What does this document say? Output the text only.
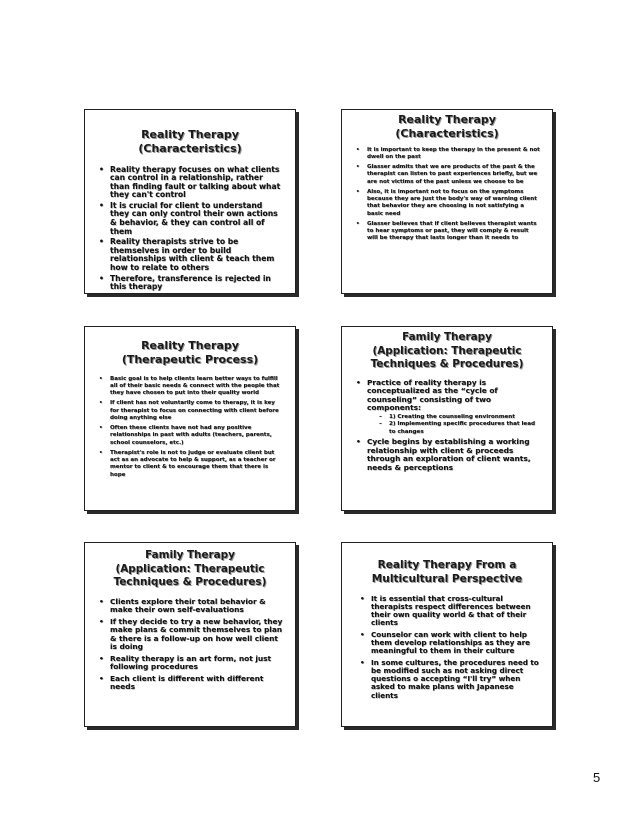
Reality Therapy
(Characteristics)
• Reality therapy focuses on what clients can control in a relationship, rather than finding fault or talking about what they can't control
• It is crucial for client to understand they can only control their own actions & behavior, & they can control all of them
• Reality therapists strive to be themselves in order to build relationships with client & teach them how to relate to others
• Therefore, transference is rejected in this therapy
Reality Therapy
(Characteristics)
• It is important to keep the therapy in the present & not dwell on the past
• Glasser admits that we are products of the past & the therapist can listen to past experiences briefly, but we are not victims of the past unless we choose to be
• Also, it is important not to focus on the symptoms because they are just the body's way of warning client that behavior they are choosing is not satisfying a basic need
• Glasser believes that if client believes therapist wants to hear symptoms or past, they will comply & result will be therapy that lasts longer than it needs to
Reality Therapy
(Therapeutic Process)
• Basic goal is to help clients learn better ways to fulfill all of their basic needs & connect with the people that they have chosen to put into their quality world
• If client has not voluntarily come to therapy, it is key for therapist to focus on connecting with client before doing anything else
• Often these clients have not had any positive relationships in past with adults (teachers, parents, school counselors, etc.)
• Therapist's role is not to judge or evaluate client but act as an advocate to help & support, as a teacher or mentor to client & to encourage them that there is hope
Family Therapy
(Application: Therapeutic
Techniques & Procedures)
• Practice of reality therapy is conceptualized as the “cycle of counseling” consisting of two components:
– 1) Creating the counseling environment
– 2) Implementing specific procedures that lead to changes
• Cycle begins by establishing a working relationship with client & proceeds through an exploration of client wants, needs & perceptions
Family Therapy
(Application: Therapeutic
Techniques & Procedures)
• Clients explore their total behavior & make their own self-evaluations
• If they decide to try a new behavior, they make plans & commit themselves to plan & there is a follow-up on how well client is doing
• Reality therapy is an art form, not just following procedures
• Each client is different with different needs
Reality Therapy From a
Multicultural Perspective
• It is essential that cross-cultural therapists respect differences between their own quality world & that of their clients
• Counselor can work with client to help them develop relationships as they are meaningful to them in their culture
• In some cultures, the procedures need to be modified such as not asking direct questions o accepting “I'll try” when asked to make plans with Japanese clients
5
